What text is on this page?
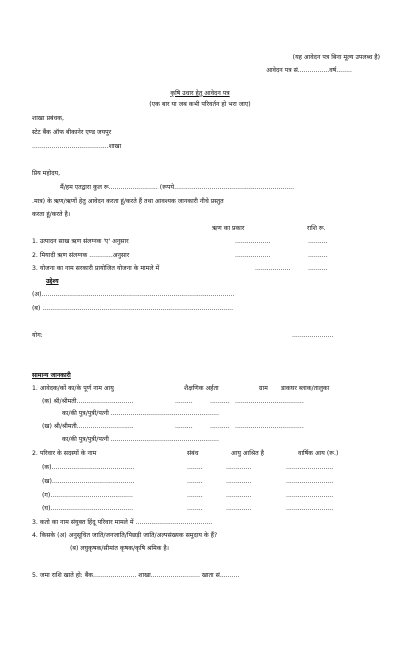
(यह आवेदन पत्र बिना मूल्य उपलब्ध है)
आवेदन पत्र सं................वर्ष........
कृषि उधार हेतु आवेदन पत्र
(एक बार या जब कभी परिवर्तन हो भरा जाए)
शाखा प्रबंधक,
स्टेट बैंक ऑफ बीकानेर एण्ड जयपुर
.......................................शाखा
प्रिय महोदय,
मैं/हम एतद्वारा कुल रू......................... (रूपये.............................................................
.मात्र) के ऋण/ऋणों हेतु आवेदन करता हूं/करते हैं तथा आवश्यक जानकारी नीचे प्रस्तुत
करता हूं/करते है।
ऋण का प्रकार	राशि रू.
1. उत्पादन साख ऋण संलग्नक 'ए' अनुसार	..................	..........
2. मियादी ऋण संलग्नक ............अनुसार	..................	..........
3. योजना का नाम सरकारी प्रायोजित योजना के मामले में	..................	..........
उद्देश्य
(अ)..................................................................................................
(ब) .................................................................................................
योग:	.....................
सामान्य जानकारी
1. आवेदक/कों का/के पूर्ण नाम आयु	शैक्षणिक अर्हता	ग्राम डाकघर ब्लाक/तालुका
(क) श्री/श्रीमती.............................	.........	.......... ...................................
का/की पुत्र/पुत्री/पत्नी .......................................................
(ख) श्री/श्रीमती.............................	.........	.......... ...................................
का/की पुत्र/पुत्री/पत्नी .......................................................
2. परिवार के सदस्यों के नाम	संबंध	आयु आश्रित है	वार्षिक आय (रू.)
(क)..........................................	........	.............	........................
(ख)..........................................	........	.............	........................
(ग)..........................................	........	.............	........................
(घ)..........................................	........	.............	........................
3. कतो का नाम संयुक्त हिंदू परिवार मामले में .......................................
4. किसके (अ) अनुसूचित जाति/जनजाति/पिछड़ी जाति/अल्पसंख्यक समुदाय के हैं?
(ब) लघुकृषक/सीमांत कृषक/कृषि श्रमिक है।
5. जमा राशि खाते हो: बैंक...................... शाखा......................... खाता सं..........
